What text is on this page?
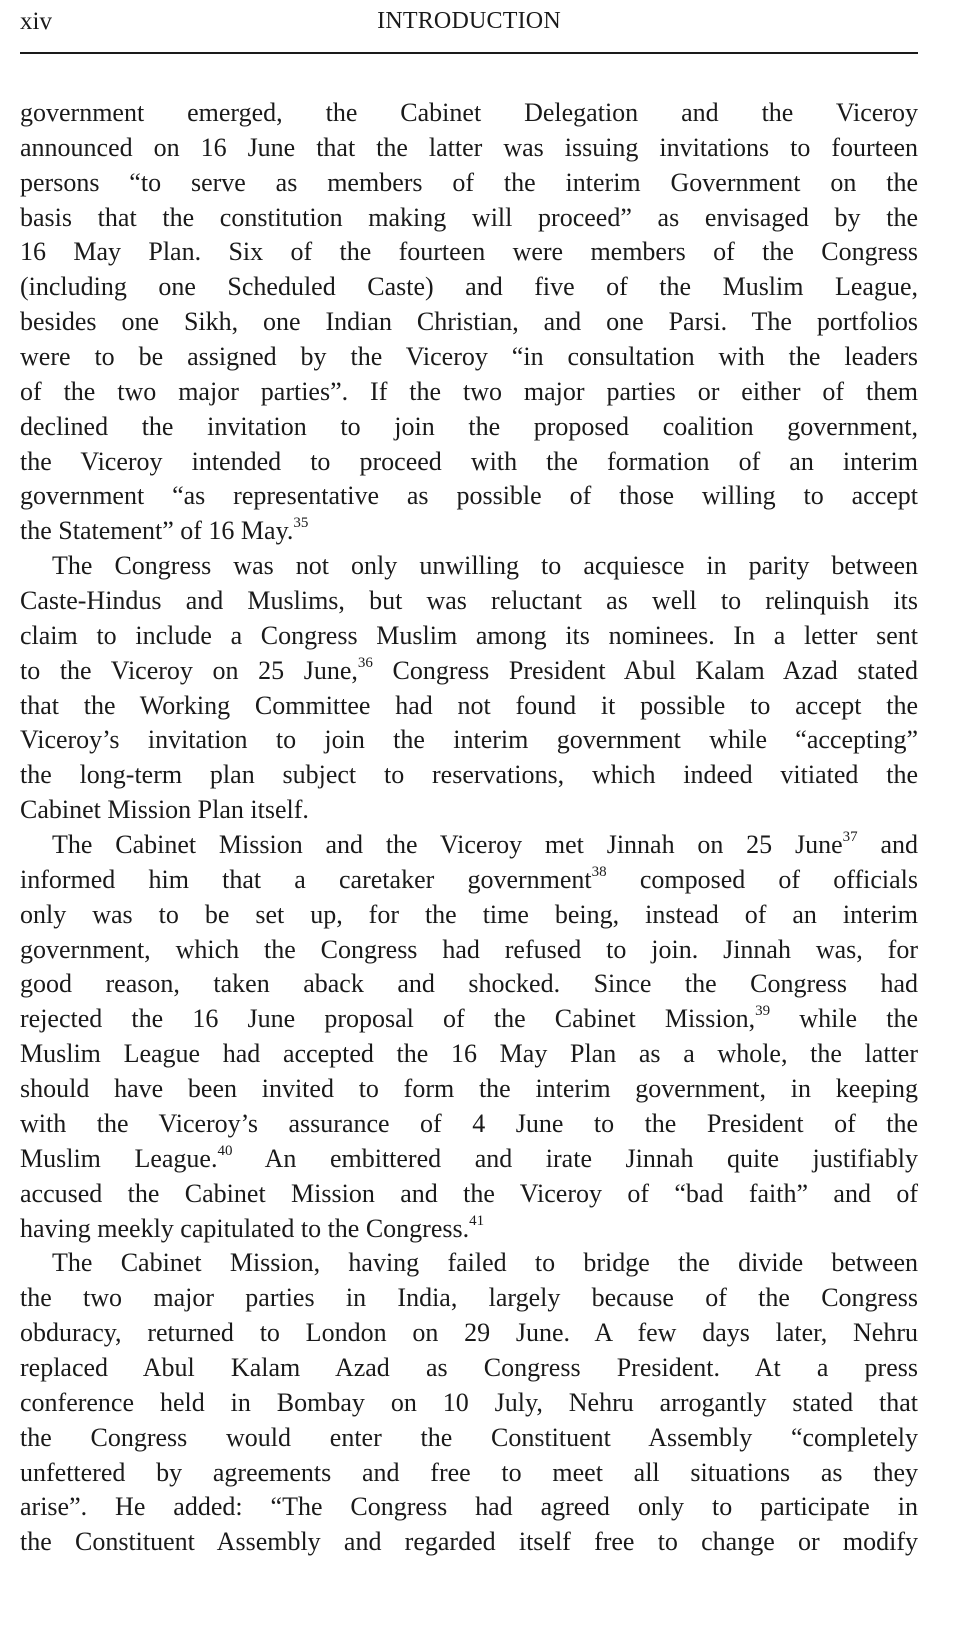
xiv	INTRODUCTION
government emerged, the Cabinet Delegation and the Viceroy
announced on 16 June that the latter was issuing invitations to fourteen
persons “to serve as members of the interim Government on the
basis that the constitution making will proceed” as envisaged by the
16 May Plan. Six of the fourteen were members of the Congress
(including one Scheduled Caste) and five of the Muslim League,
besides one Sikh, one Indian Christian, and one Parsi. The portfolios
were to be assigned by the Viceroy “in consultation with the leaders
of the two major parties”. If the two major parties or either of them
declined the invitation to join the proposed coalition government,
the Viceroy intended to proceed with the formation of an interim
government “as representative as possible of those willing to accept
the Statement” of 16 May.$^{35}$
The Congress was not only unwilling to acquiesce in parity between
Caste-Hindus and Muslims, but was reluctant as well to relinquish its
claim to include a Congress Muslim among its nominees. In a letter sent
to the Viceroy on 25 June,$^{36}$ Congress President Abul Kalam Azad stated
that the Working Committee had not found it possible to accept the
Viceroy’s invitation to join the interim government while “accepting”
the long-term plan subject to reservations, which indeed vitiated the
Cabinet Mission Plan itself.
The Cabinet Mission and the Viceroy met Jinnah on 25 June$^{37}$ and
informed him that a caretaker government$^{38}$ composed of officials
only was to be set up, for the time being, instead of an interim
government, which the Congress had refused to join. Jinnah was, for
good reason, taken aback and shocked. Since the Congress had
rejected the 16 June proposal of the Cabinet Mission,$^{39}$ while the
Muslim League had accepted the 16 May Plan as a whole, the latter
should have been invited to form the interim government, in keeping
with the Viceroy’s assurance of 4 June to the President of the
Muslim League.$^{40}$ An embittered and irate Jinnah quite justifiably
accused the Cabinet Mission and the Viceroy of “bad faith” and of
having meekly capitulated to the Congress.$^{41}$
The Cabinet Mission, having failed to bridge the divide between
the two major parties in India, largely because of the Congress
obduracy, returned to London on 29 June. A few days later, Nehru
replaced Abul Kalam Azad as Congress President. At a press
conference held in Bombay on 10 July, Nehru arrogantly stated that
the Congress would enter the Constituent Assembly “completely
unfettered by agreements and free to meet all situations as they
arise”. He added: “The Congress had agreed only to participate in
the Constituent Assembly and regarded itself free to change or modify
